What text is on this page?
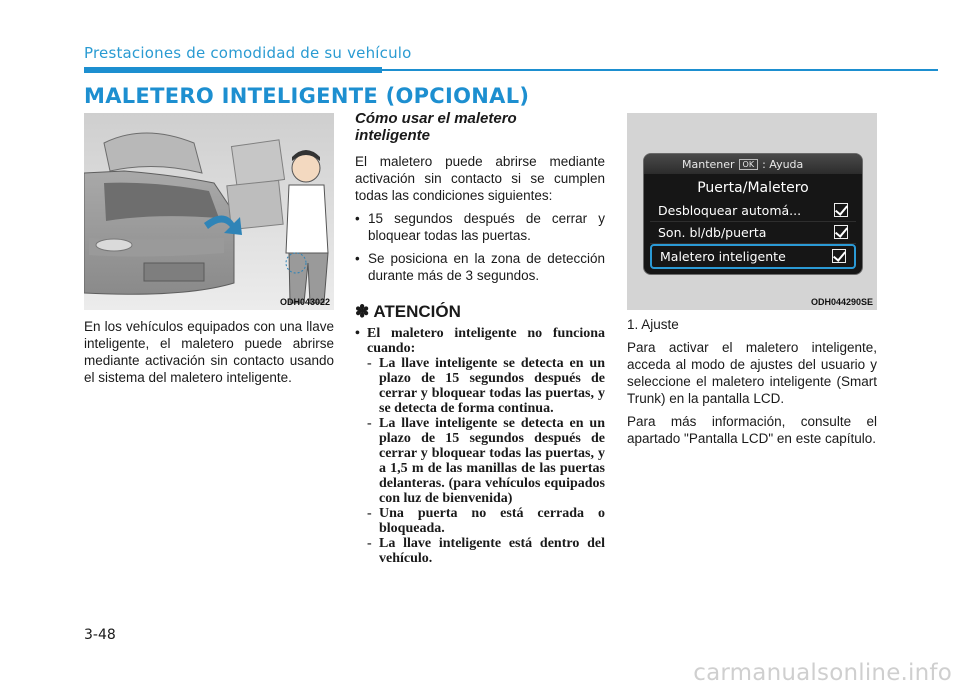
Prestaciones de comodidad de su vehículo
MALETERO INTELIGENTE (OPCIONAL)
ODH043022
En los vehículos equipados con una llave inteligente, el maletero puede abrirse mediante activación sin contacto usando el sistema del maletero inteligente.
Cómo usar el maletero
inteligente
El maletero puede abrirse mediante activación sin contacto si se cumplen todas las condiciones siguientes:
• 15 segundos después de cerrar y bloquear todas las puertas.
• Se posiciona en la zona de detección durante más de 3 segundos.
✽ ATENCIÓN
• El maletero inteligente no funciona cuando:
- La llave inteligente se detecta en un plazo de 15 segundos después de cerrar y bloquear todas las puertas, y se detecta de forma continua.
- La llave inteligente se detecta en un plazo de 15 segundos después de cerrar y bloquear todas las puertas, y a 1,5 m de las manillas de las puertas delanteras. (para vehículos equipados con luz de bienvenida)
- Una puerta no está cerrada o bloqueada.
- La llave inteligente está dentro del vehículo.
Mantener	OK : Ayuda
Puerta/Maletero
Desbloquear automá...
Son. bl/db/puerta
Maletero inteligente
ODH044290SE
1. Ajuste
Para activar el maletero inteligente, acceda al modo de ajustes del usuario y seleccione el maletero inteligente (Smart Trunk) en la pantalla LCD.
Para más información, consulte el apartado "Pantalla LCD" en este capítulo.
3-48
carmanualsonline.info
